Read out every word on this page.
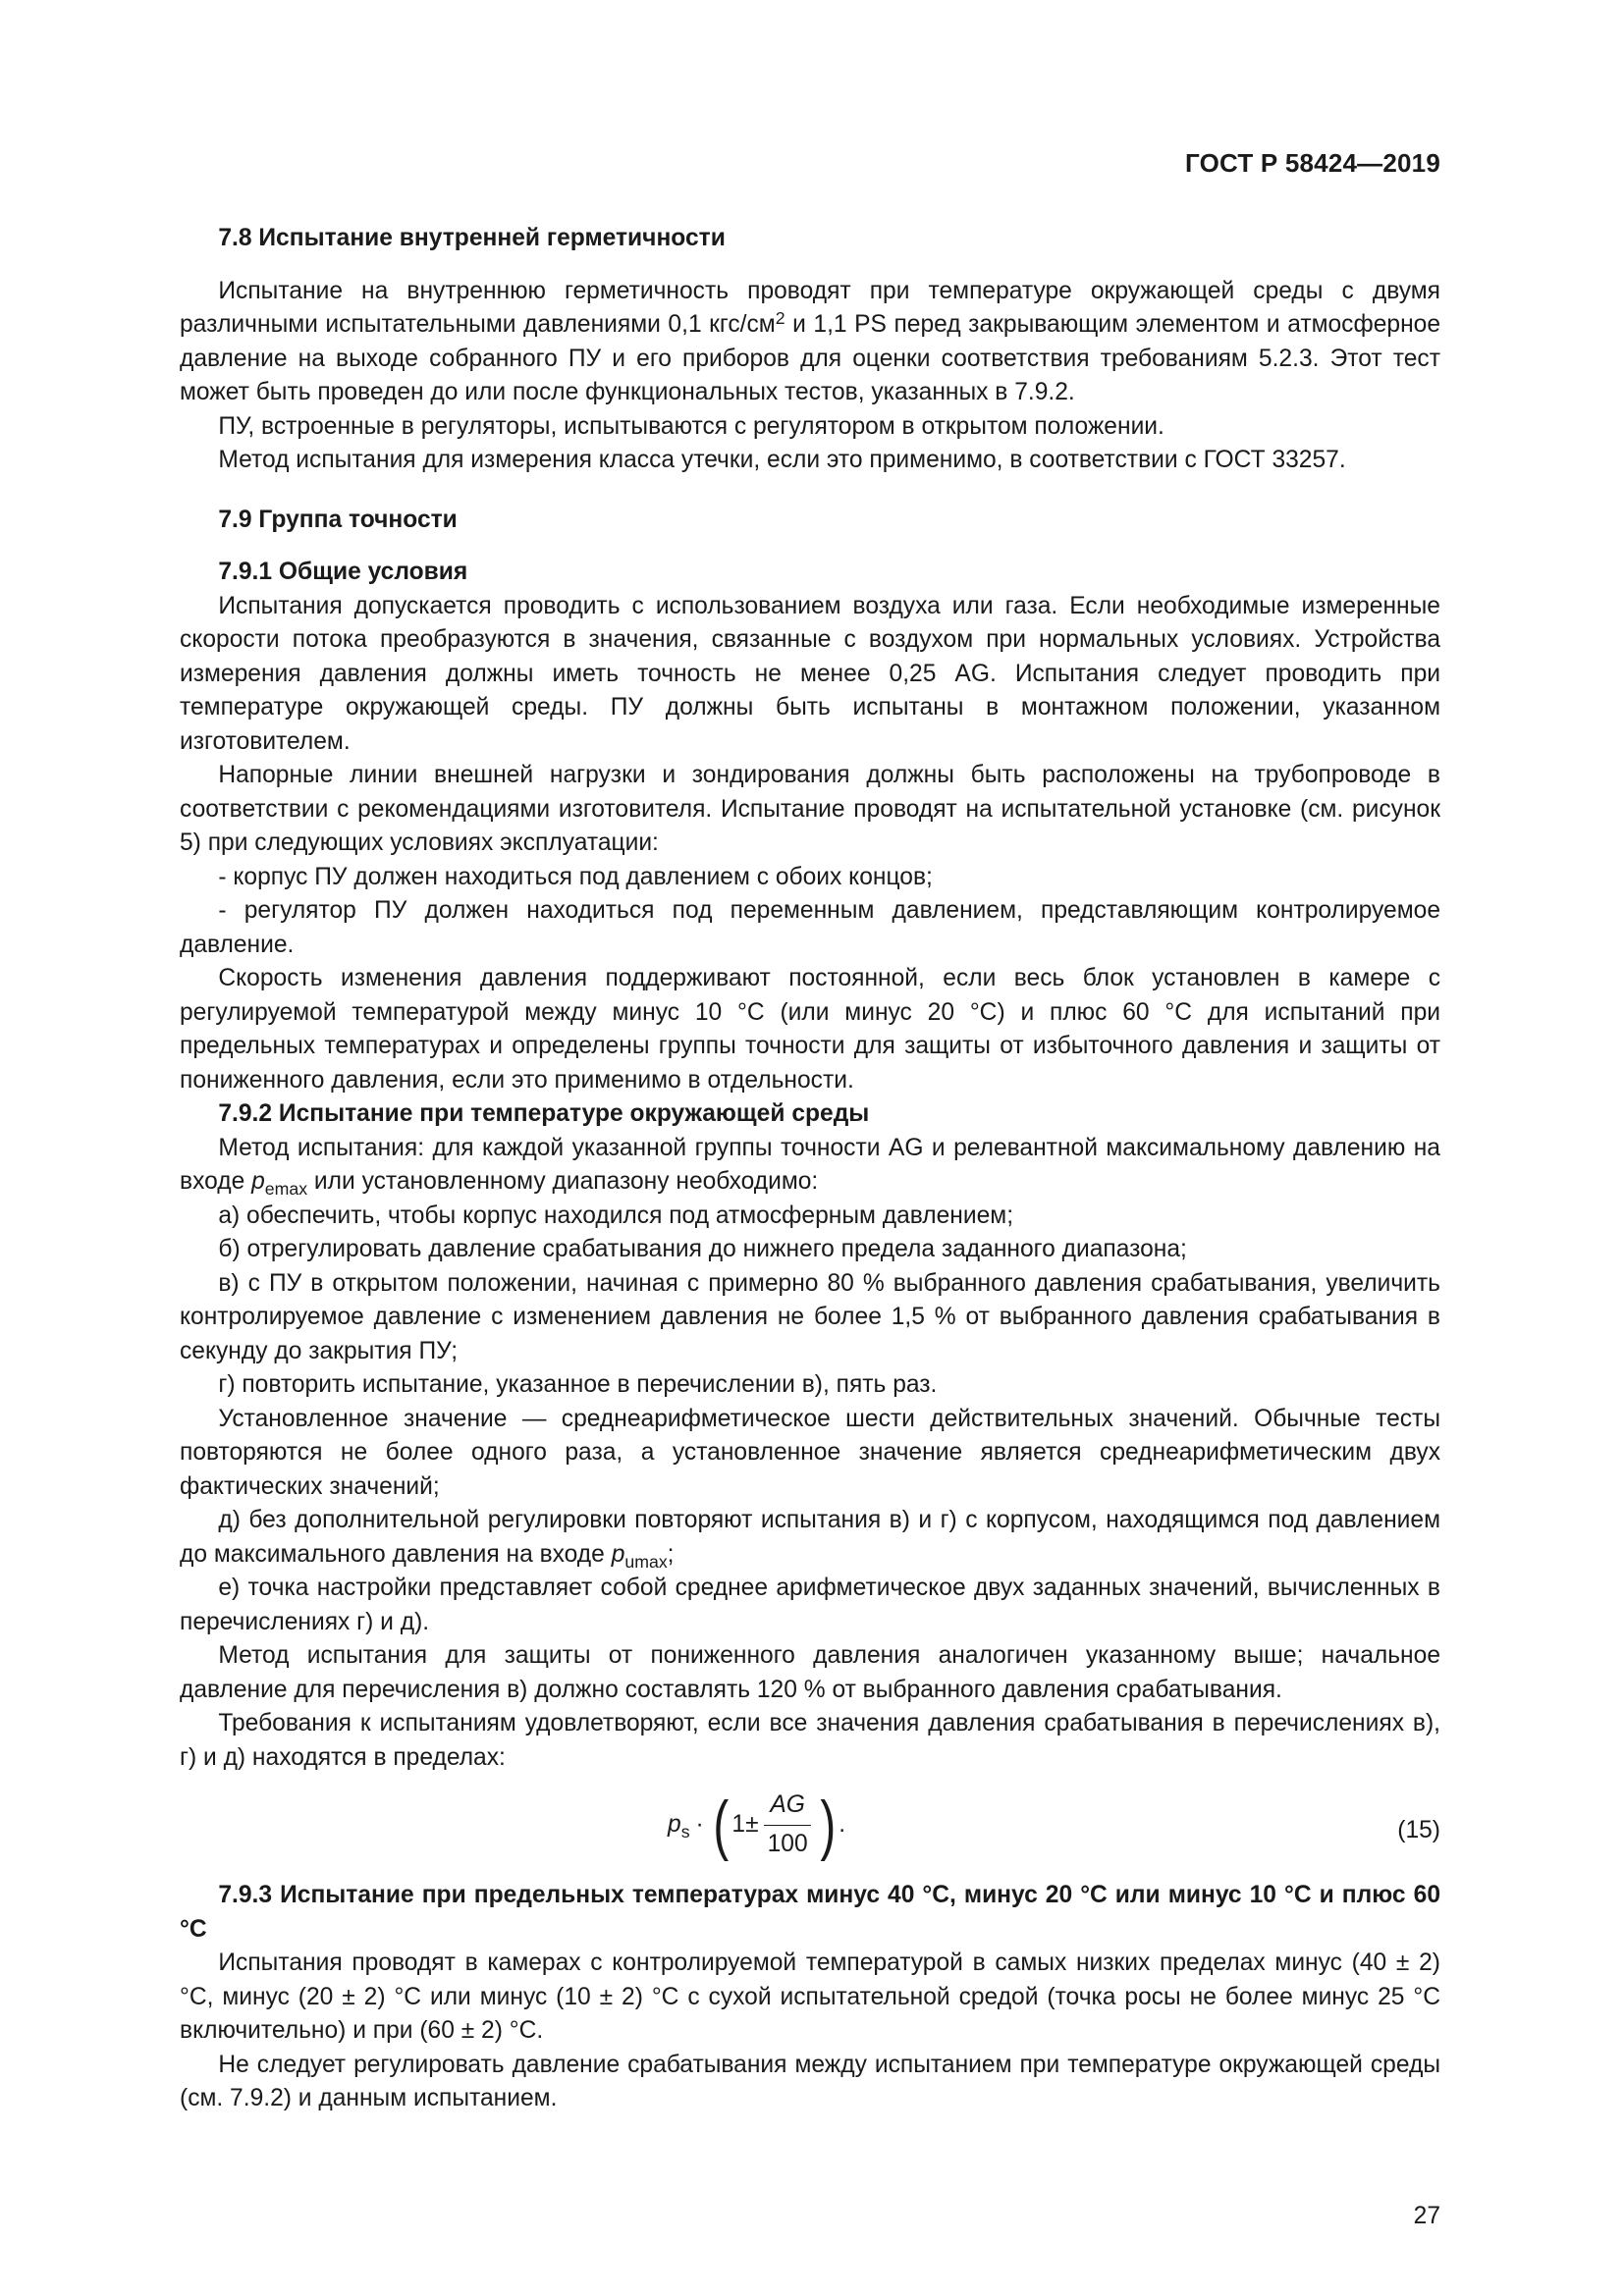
ГОСТ Р 58424—2019
7.8 Испытание внутренней герметичности

Испытание на внутреннюю герметичность проводят при температуре окружающей среды с двумя различными испытательными давлениями 0,1 кгс/$см^2$ и 1,1 PS перед закрывающим элементом и атмосферное давление на выходе собранного ПУ и его приборов для оценки соответствия требованиям 5.2.3. Этот тест может быть проведен до или после функциональных тестов, указанных в 7.9.2.

ПУ, встроенные в регуляторы, испытываются с регулятором в открытом положении.

Метод испытания для измерения класса утечки, если это применимо, в соответствии с ГОСТ 33257.

7.9 Группа точности
7.9.1 Общие условия

Испытания допускается проводить с использованием воздуха или газа. Если необходимые измеренные скорости потока преобразуются в значения, связанные с воздухом при нормальных условиях. Устройства измерения давления должны иметь точность не менее 0,25 AG. Испытания следует проводить при температуре окружающей среды. ПУ должны быть испытаны в монтажном положении, указанном изготовителем.

Напорные линии внешней нагрузки и зондирования должны быть расположены на трубопроводе в соответствии с рекомендациями изготовителя. Испытание проводят на испытательной установке (см. рисунок 5) при следующих условиях эксплуатации:

- корпус ПУ должен находиться под давлением с обоих концов;

- регулятор ПУ должен находиться под переменным давлением, представляющим контролируемое давление.

Скорость изменения давления поддерживают постоянной, если весь блок установлен в камере с регулируемой температурой между минус 10 °С (или минус 20 °С) и плюс 60 °С для испытаний при предельных температурах и определены группы точности для защиты от избыточного давления и защиты от пониженного давления, если это применимо в отдельности.

7.9.2 Испытание при температуре окружающей среды

Метод испытания: для каждой указанной группы точности AG и релевантной максимальному давлению на входе $p_{emax}$ или установленному диапазону необходимо:

а) обеспечить, чтобы корпус находился под атмосферным давлением;

б) отрегулировать давление срабатывания до нижнего предела заданного диапазона;

в) с ПУ в открытом положении, начиная с примерно 80 % выбранного давления срабатывания, увеличить контролируемое давление с изменением давления не более 1,5 % от выбранного давления срабатывания в секунду до закрытия ПУ;

г) повторить испытание, указанное в перечислении в), пять раз.

Установленное значение — среднеарифметическое шести действительных значений. Обычные тесты повторяются не более одного раза, а установленное значение является среднеарифметическим двух фактических значений;

д) без дополнительной регулировки повторяют испытания в) и г) с корпусом, находящимся под давлением до максимального давления на входе $p_{umax}$;

е) точка настройки представляет собой среднее арифметическое двух заданных значений, вычисленных в перечислениях г) и д).

Метод испытания для защиты от пониженного давления аналогичен указанному выше; начальное давление для перечисления в) должно составлять 120 % от выбранного давления срабатывания.

Требования к испытаниям удовлетворяют, если все значения давления срабатывания в перечислениях в), г) и д) находятся в пределах:

$p_s$ · ( $1\pm \frac{AG}{100}$ ) .	(15)
7.9.3 Испытание при предельных температурах минус 40 °С, минус 20 °С или минус 10 °С и плюс 60 °С

Испытания проводят в камерах с контролируемой температурой в самых низких пределах минус (40 ± 2) °С, минус (20 ± 2) °С или минус (10 ± 2) °С с сухой испытательной средой (точка росы не более минус 25 °С включительно) и при (60 ± 2) °С.

Не следует регулировать давление срабатывания между испытанием при температуре окружающей среды (см. 7.9.2) и данным испытанием.

27
